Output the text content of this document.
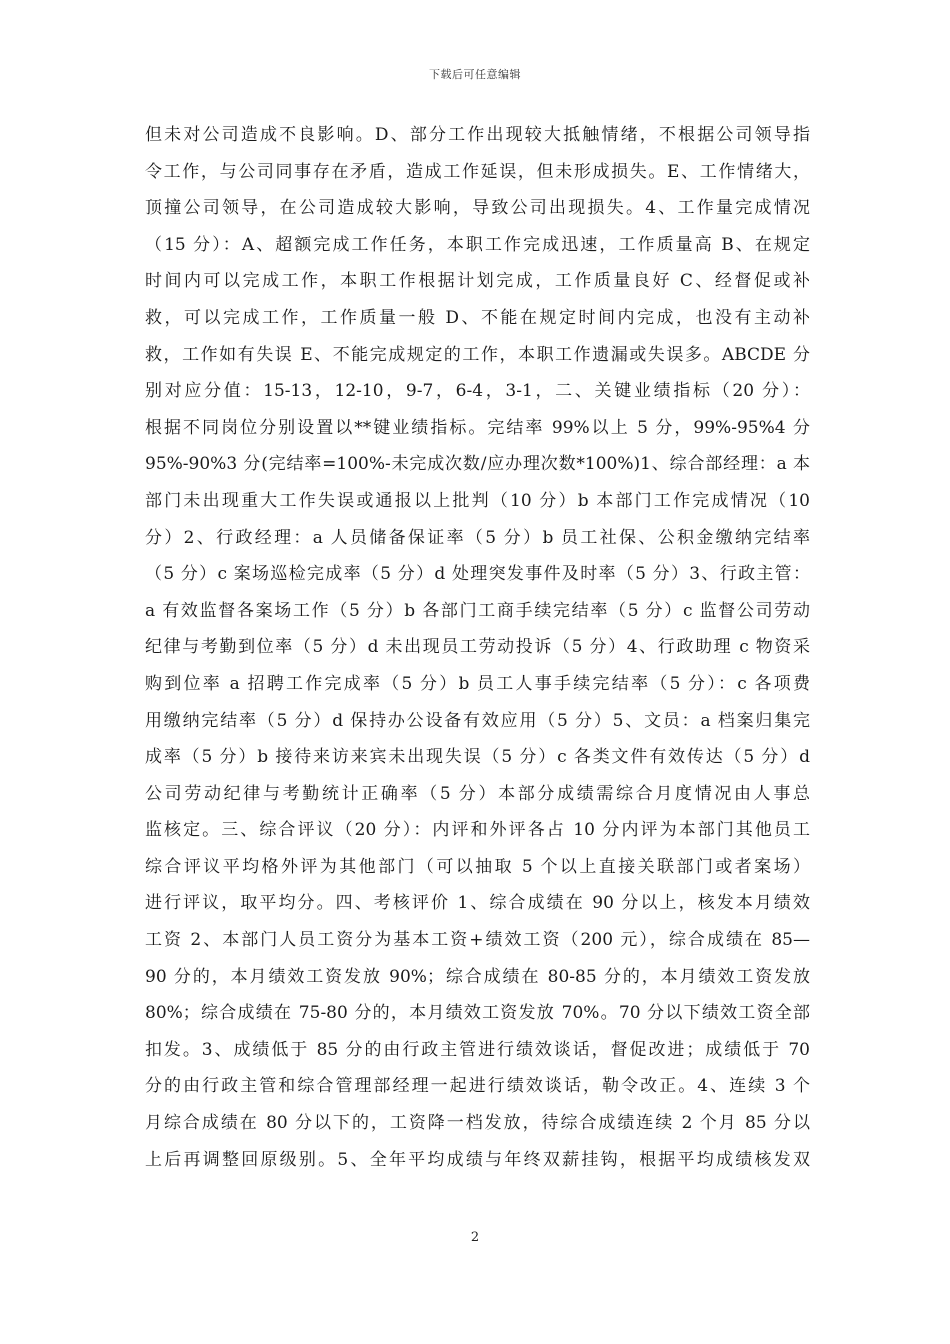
下载后可任意编辑
但未对公司造成不良影响。D、部分工作出现较大抵触情绪，不根据公司领导指
令工作，与公司同事存在矛盾，造成工作延误，但未形成损失。E、工作情绪大，
顶撞公司领导，在公司造成较大影响，导致公司出现损失。4、工作量完成情况
（15 分）：A、超额完成工作任务，本职工作完成迅速，工作质量高 B、在规定
时间内可以完成工作，本职工作根据计划完成，工作质量良好 C、经督促或补
救，可以完成工作，工作质量一般 D、不能在规定时间内完成，也没有主动补
救，工作如有失误 E、不能完成规定的工作，本职工作遗漏或失误多。ABCDE 分
别对应分值：15-13，12-10，9-7，6-4，3-1，二、关键业绩指标（20 分）：
根据不同岗位分别设置以**键业绩指标。完结率 99%以上 5 分，99%-95%4 分
95%-90%3 分(完结率=100%-未完成次数/应办理次数*100%)1、综合部经理：a 本
部门未出现重大工作失误或通报以上批判（10 分）b 本部门工作完成情况（10
分）2、行政经理：a 人员储备保证率（5 分）b 员工社保、公积金缴纳完结率
（5 分）c 案场巡检完成率（5 分）d 处理突发事件及时率（5 分）3、行政主管：
a 有效监督各案场工作（5 分）b 各部门工商手续完结率（5 分）c 监督公司劳动
纪律与考勤到位率（5 分）d 未出现员工劳动投诉（5 分）4、行政助理 c 物资采
购到位率 a 招聘工作完成率（5 分）b 员工人事手续完结率（5 分）：c 各项费
用缴纳完结率（5 分）d 保持办公设备有效应用（5 分）5、文员：a 档案归集完
成率（5 分）b 接待来访来宾未出现失误（5 分）c 各类文件有效传达（5 分）d
公司劳动纪律与考勤统计正确率（5 分）本部分成绩需综合月度情况由人事总
监核定。三、综合评议（20 分）：内评和外评各占 10 分内评为本部门其他员工
综合评议平均格外评为其他部门（可以抽取 5 个以上直接关联部门或者案场）
进行评议，取平均分。四、考核评价 1、综合成绩在 90 分以上，核发本月绩效
工资 2、本部门人员工资分为基本工资+绩效工资（200 元），综合成绩在 85—
90 分的，本月绩效工资发放 90%；综合成绩在 80-85 分的，本月绩效工资发放
80%；综合成绩在 75-80 分的，本月绩效工资发放 70%。70 分以下绩效工资全部
扣发。3、成绩低于 85 分的由行政主管进行绩效谈话，督促改进；成绩低于 70
分的由行政主管和综合管理部经理一起进行绩效谈话，勒令改正。4、连续 3 个
月综合成绩在 80 分以下的，工资降一档发放，待综合成绩连续 2 个月 85 分以
上后再调整回原级别。5、全年平均成绩与年终双薪挂钩，根据平均成绩核发双
2
